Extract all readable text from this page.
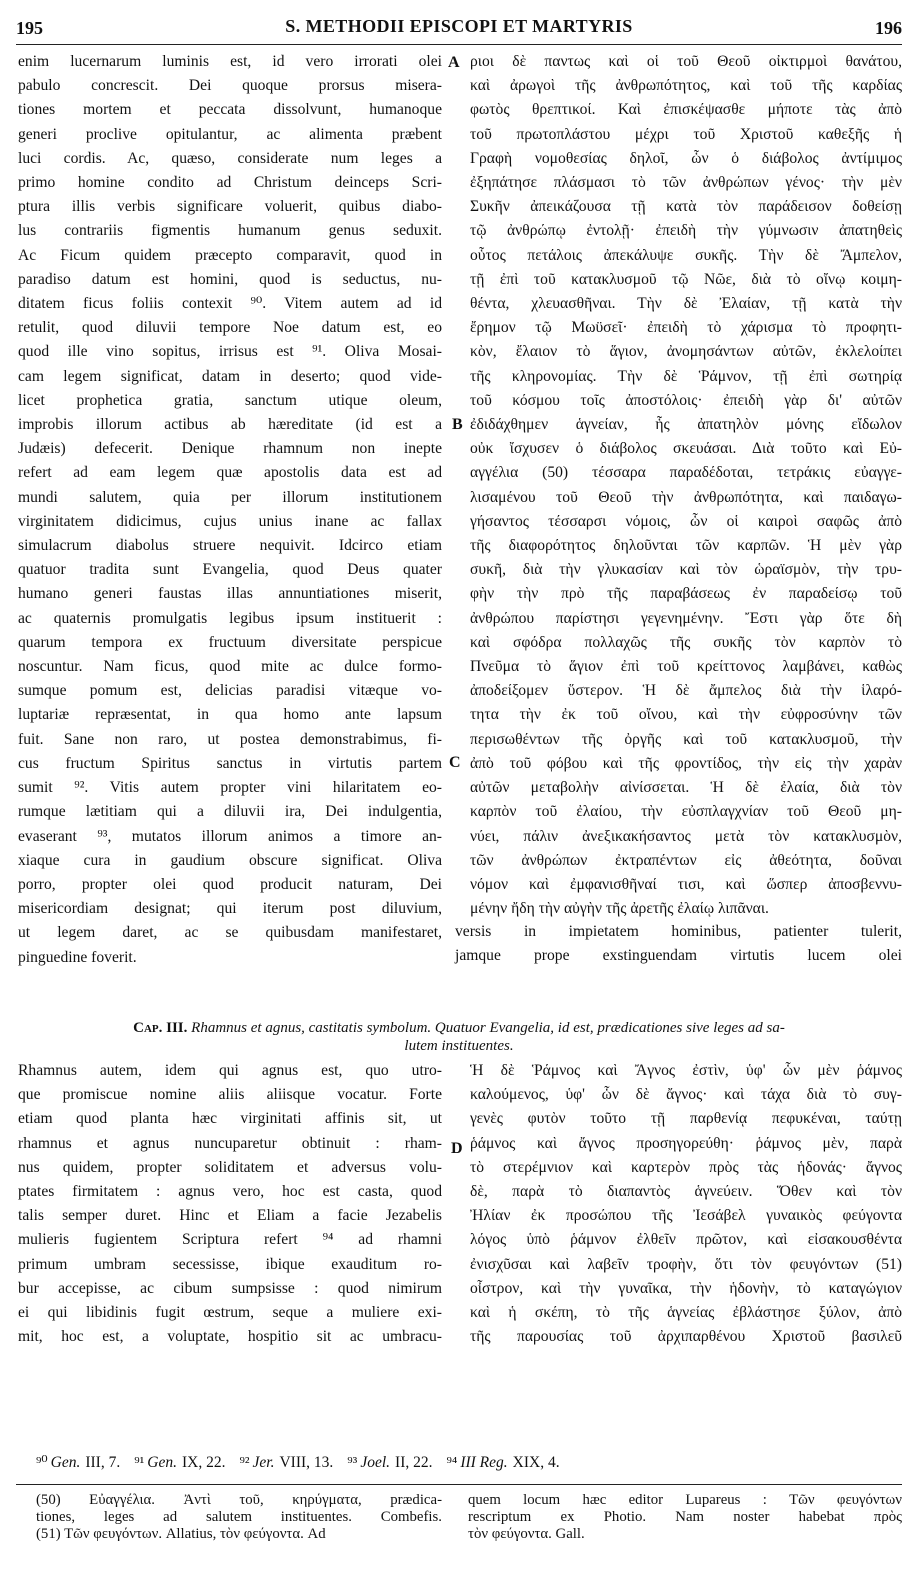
195	S. METHODII EPISCOPI ET MARTYRIS	196
enim lucernarum luminis est, id vero irrorati olei
pabulo concrescit. Dei quoque prorsus misera-
tiones mortem et peccata dissolvunt, humanoque
generi proclive opitulantur, ac alimenta præbent
luci cordis. Ac, quæso, considerate num leges a
primo homine condito ad Christum deinceps Scri-
ptura illis verbis significare voluerit, quibus diabo-
lus contrariis figmentis humanum genus seduxit.
Ac Ficum quidem præcepto comparavit, quod in
paradiso datum est homini, quod is seductus, nu-
ditatem ficus foliis contexit ⁹⁰. Vitem autem ad id
retulit, quod diluvii tempore Noe datum est, eo
quod ille vino sopitus, irrisus est ⁹¹. Oliva Mosai-
cam legem significat, datam in deserto; quod vide-
licet prophetica gratia, sanctum utique oleum,
improbis illorum actibus ab hæreditate (id est a
Judæis) defecerit. Denique rhamnum non inepte
refert ad eam legem quæ apostolis data est ad
mundi salutem, quia per illorum institutionem
virginitatem didicimus, cujus unius inane ac fallax
simulacrum diabolus struere nequivit. Idcirco etiam
quatuor tradita sunt Evangelia, quod Deus quater
humano generi faustas illas annuntiationes miserit,
ac quaternis promulgatis legibus ipsum instituerit :
quarum tempora ex fructuum diversitate perspicue
noscuntur. Nam ficus, quod mite ac dulce formo-
sumque pomum est, delicias paradisi vitæque vo-
luptariæ repræsentat, in qua homo ante lapsum
fuit. Sane non raro, ut postea demonstrabimus, fi-
cus fructum Spiritus sanctus in virtutis partem
sumit ⁹². Vitis autem propter vini hilaritatem eo-
rumque lætitiam qui a diluvii ira, Dei indulgentia,
evaserant ⁹³, mutatos illorum animos a timore an-
xiaque cura in gaudium obscure significat. Oliva
porro, propter olei quod producit naturam, Dei
misericordiam designat; qui iterum post diluvium,
ut legem daret, ac se quibusdam manifestaret,
pinguedine foverit.
ριοι δὲ παντως καὶ οἱ τοῦ Θεοῦ οἰκτιρμοὶ θανάτου,
καὶ ἀρωγοὶ τῆς ἀνθρωπότητος, καὶ τοῦ τῆς καρδίας
φωτὸς θρεπτικοί. Καὶ ἐπισκέψασθε μήποτε τὰς ἀπὸ
τοῦ πρωτοπλάστου μέχρι τοῦ Χριστοῦ καθεξῆς ἡ
Γραφὴ νομοθεσίας δηλοῖ, ὧν ὁ διάβολος ἀντίμιμος
ἐξηπάτησε πλάσμασι τὸ τῶν ἀνθρώπων γένος· τὴν μὲν
Συκῆν ἀπεικάζουσα τῇ κατὰ τὸν παράδεισον δοθείσῃ
τῷ ἀνθρώπῳ ἐντολῇ· ἐπειδὴ τὴν γύμνωσιν ἀπατηθεὶς
οὗτος πετάλοις ἀπεκάλυψε συκῆς. Τὴν δὲ Ἄμπελον,
τῇ ἐπὶ τοῦ κατακλυσμοῦ τῷ Νῶε, διὰ τὸ οἴνῳ κοιμη-
θέντα, χλευασθῆναι. Τὴν δὲ Ἐλαίαν, τῇ κατὰ τὴν
ἔρημον τῷ Μωϋσεῖ· ἐπειδὴ τὸ χάρισμα τὸ προφητι-
κὸν, ἔλαιον τὸ ἅγιον, ἀνομησάντων αὐτῶν, ἐκλελοίπει
τῆς κληρονομίας. Τὴν δὲ Ῥάμνον, τῇ ἐπὶ σωτηρίᾳ
τοῦ κόσμου τοῖς ἀποστόλοις· ἐπειδὴ γὰρ δι' αὐτῶν
ἐδιδάχθημεν ἁγνείαν, ἧς ἀπατηλὸν μόνης εἴδωλον
οὐκ ἴσχυσεν ὁ διάβολος σκευάσαι. Διὰ τοῦτο καὶ Εὐ-
αγγέλια (50) τέσσαρα παραδέδοται, τετράκις εὐαγγε-
λισαμένου τοῦ Θεοῦ τὴν ἀνθρωπότητα, καὶ παιδαγω-
γήσαντος τέσσαρσι νόμοις, ὧν οἱ καιροὶ σαφῶς ἀπὸ
τῆς διαφορότητος δηλοῦνται τῶν καρπῶν. Ἡ μὲν γὰρ
συκῆ, διὰ τὴν γλυκασίαν καὶ τὸν ὡραϊσμὸν, τὴν τρυ-
φὴν τὴν πρὸ τῆς παραβάσεως ἐν παραδείσῳ τοῦ
ἀνθρώπου παρίστησι γεγενημένην. Ἔστι γὰρ ὅτε δὴ
καὶ σφόδρα πολλαχῶς τῆς συκῆς τὸν καρπὸν τὸ
Πνεῦμα τὸ ἅγιον ἐπὶ τοῦ κρείττονος λαμβάνει, καθὼς
ἀποδείξομεν ὕστερον. Ἡ δὲ ἄμπελος διὰ τὴν ἱλαρό-
τητα τὴν ἐκ τοῦ οἴνου, καὶ τὴν εὐφροσύνην τῶν
περισωθέντων τῆς ὀργῆς καὶ τοῦ κατακλυσμοῦ, τὴν
ἀπὸ τοῦ φόβου καὶ τῆς φροντίδος, τὴν εἰς τὴν χαρὰν
αὐτῶν μεταβολὴν αἰνίσσεται. Ἡ δὲ ἐλαία, διὰ τὸν
καρπὸν τοῦ ἐλαίου, τὴν εὐσπλαγχνίαν τοῦ Θεοῦ μη-
νύει, πάλιν ἀνεξικακήσαντος μετὰ τὸν κατακλυσμὸν,
τῶν ἀνθρώπων ἐκτραπέντων εἰς ἀθεότητα, δοῦναι
νόμον καὶ ἐμφανισθῆναί τισι, καὶ ὥσπερ ἀποσβεννυ-
μένην ἤδη τὴν αὐγὴν τῆς ἀρετῆς ἐλαίῳ λιπᾶναι.
versis in impietatem hominibus, patienter tulerit,
jamque prope exstinguendam virtutis lucem olei
A
B
C
D
Cap. III. Rhamnus et agnus, castitatis symbolum. Quatuor Evangelia, id est, prædicationes sive leges ad sa-
lutem instituentes.
Rhamnus autem, idem qui agnus est, quo utro-
que promiscue nomine aliis aliisque vocatur. Forte
etiam quod planta hæc virginitati affinis sit, ut
rhamnus et agnus nuncuparetur obtinuit : rham-
nus quidem, propter soliditatem et adversus volu-
ptates firmitatem : agnus vero, hoc est casta, quod
talis semper duret. Hinc et Eliam a facie Jezabelis
mulieris fugientem Scriptura refert ⁹⁴ ad rhamni
primum umbram secessisse, ibique exauditum ro-
bur accepisse, ac cibum sumpsisse : quod nimirum
ei qui libidinis fugit œstrum, seque a muliere exi-
mit, hoc est, a voluptate, hospitio sit ac umbracu-
Ἡ δὲ Ῥάμνος καὶ Ἄγνος ἐστὶν, ὑφ' ὧν μὲν ῥάμνος
καλούμενος, ὑφ' ὧν δὲ ἄγνος· καὶ τάχα διὰ τὸ συγ-
γενὲς φυτὸν τοῦτο τῇ παρθενίᾳ πεφυκέναι, ταύτῃ
ῥάμνος καὶ ἄγνος προσηγορεύθη· ῥάμνος μὲν, παρὰ
τὸ στερέμνιον καὶ καρτερὸν πρὸς τὰς ἡδονάς· ἄγνος
δὲ, παρὰ τὸ διαπαντὸς ἁγνεύειν. Ὅθεν καὶ τὸν
Ἠλίαν ἐκ προσώπου τῆς Ἰεσάβελ γυναικὸς φεύγοντα
λόγος ὑπὸ ῥάμνον ἐλθεῖν πρῶτον, καὶ εἰσακουσθέντα
ἐνισχῦσαι καὶ λαβεῖν τροφὴν, ὅτι τὸν φευγόντων (51)
οἶστρον, καὶ τὴν γυναῖκα, τὴν ἡδονὴν, τὸ καταγώγιον
καὶ ἡ σκέπη, τὸ τῆς ἁγνείας ἐβλάστησε ξύλον, ἀπὸ
τῆς παρουσίας τοῦ ἀρχιπαρθένου Χριστοῦ βασιλεῦ
⁹⁰ Gen. III, 7. ⁹¹ Gen. IX, 22. ⁹² Jer. VIII, 13. ⁹³ Joel. II, 22. ⁹⁴ III Reg. XIX, 4.
(50) Εὐαγγέλια. Ἀντὶ τοῦ, κηρύγματα, prædica-
tiones, leges ad salutem instituentes. Combefis.
(51) Τῶν φευγόντων. Allatius, τὸν φεύγοντα. Ad
quem locum hæc editor Lupareus : Τῶν φευγόντων
rescriptum ex Photio. Nam noster habebat πρὸς
τὸν φεύγοντα. Gall.
